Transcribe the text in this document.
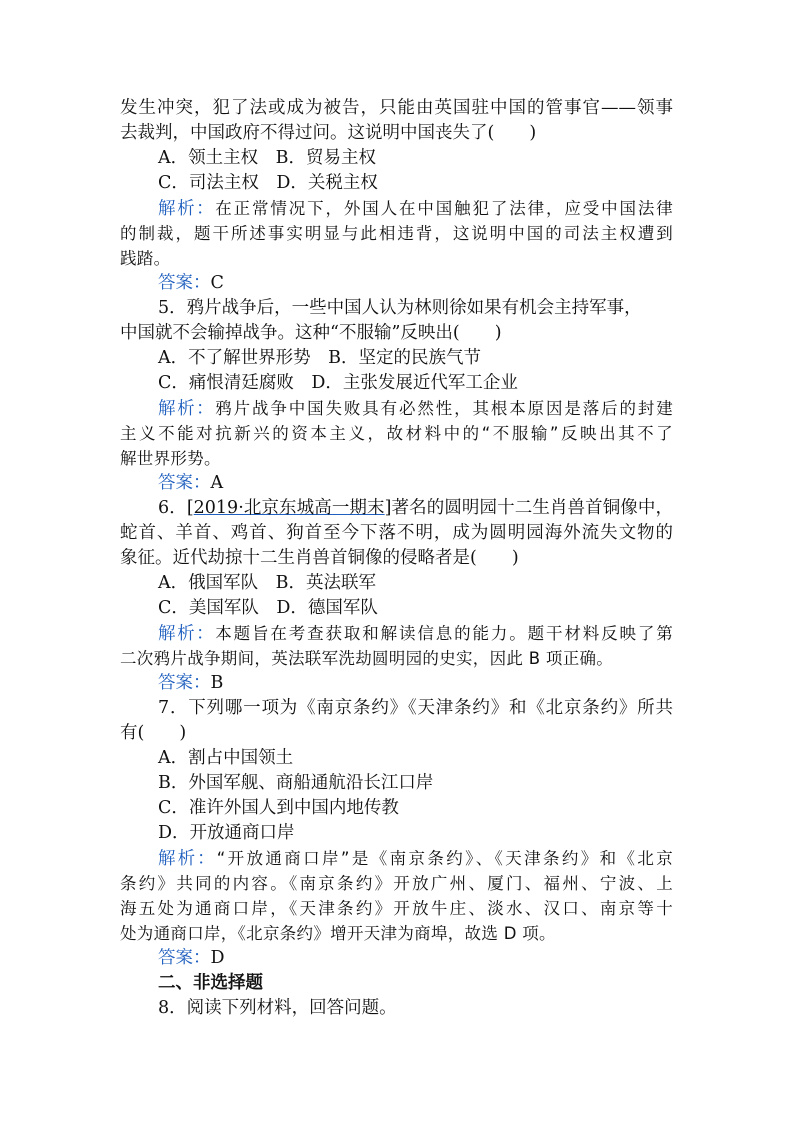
发生冲突，犯了法或成为被告，只能由英国驻中国的管事官——领事
去裁判，中国政府不得过问。这说明中国丧失了(　　)
A．领土主权　B．贸易主权
C．司法主权　D．关税主权
解析：在正常情况下，外国人在中国触犯了法律，应受中国法律
的制裁，题干所述事实明显与此相违背，这说明中国的司法主权遭到
践踏。
答案：C
5．鸦片战争后，一些中国人认为林则徐如果有机会主持军事，
中国就不会输掉战争。这种“不服输”反映出(　　)
A．不了解世界形势　B．坚定的民族气节
C．痛恨清廷腐败　D．主张发展近代军工企业
解析：鸦片战争中国失败具有必然性，其根本原因是落后的封建
主义不能对抗新兴的资本主义，故材料中的“不服输”反映出其不了
解世界形势。
答案：A
6．[2019·北京东城高一期末]著名的圆明园十二生肖兽首铜像中，
蛇首、羊首、鸡首、狗首至今下落不明，成为圆明园海外流失文物的
象征。近代劫掠十二生肖兽首铜像的侵略者是(　　)
A．俄国军队　B．英法联军
C．美国军队　D．德国军队
解析：本题旨在考查获取和解读信息的能力。题干材料反映了第
二次鸦片战争期间，英法联军洗劫圆明园的史实，因此 B 项正确。
答案：B
7．下列哪一项为《南京条约》《天津条约》和《北京条约》所共
有(　　)
A．割占中国领土
B．外国军舰、商船通航沿长江口岸
C．准许外国人到中国内地传教
D．开放通商口岸
解析：“开放通商口岸”是《南京条约》、《天津条约》和《北京
条约》共同的内容。《南京条约》开放广州、厦门、福州、宁波、上
海五处为通商口岸，《天津条约》开放牛庄、淡水、汉口、南京等十
处为通商口岸，《北京条约》增开天津为商埠，故选 D 项。
答案：D
二、非选择题
8．阅读下列材料，回答问题。
